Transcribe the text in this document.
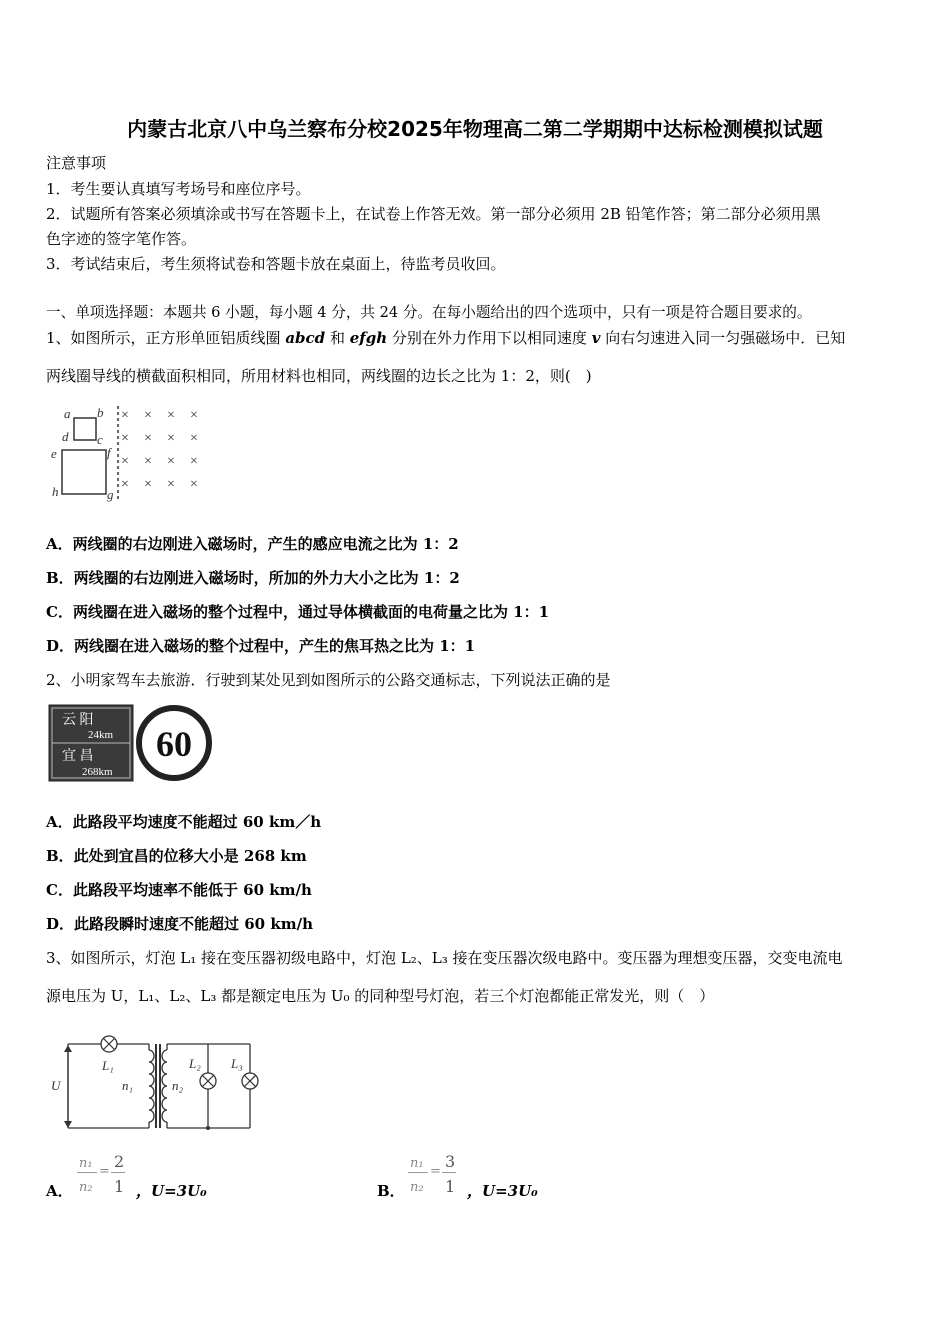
内蒙古北京八中乌兰察布分校2025年物理高二第二学期期中达标检测模拟试题
注意事项
1．考生要认真填写考场号和座位序号。
2．试题所有答案必须填涂或书写在答题卡上，在试卷上作答无效。第一部分必须用 2B 铅笔作答；第二部分必须用黑
色字迹的签字笔作答。
3．考试结束后，考生须将试卷和答题卡放在桌面上，待监考员收回。
一、单项选择题：本题共 6 小题，每小题 4 分，共 24 分。在每小题给出的四个选项中，只有一项是符合题目要求的。
1、如图所示，正方形单匝铝质线圈 abcd 和 efgh 分别在外力作用下以相同速度 v 向右匀速进入同一匀强磁场中．已知
两线圈导线的横截面积相同，所用材料也相同，两线圈的边长之比为 1：2，则(　)
a b
c
d
e	f
g
h
× × × ×
× × × ×
× × × ×
× × × ×
A．两线圈的右边刚进入磁场时，产生的感应电流之比为 1：2
B．两线圈的右边刚进入磁场时，所加的外力大小之比为 1：2
C．两线圈在进入磁场的整个过程中，通过导体横截面的电荷量之比为 1：1
D．两线圈在进入磁场的整个过程中，产生的焦耳热之比为 1：1
2、小明家驾车去旅游．行驶到某处见到如图所示的公路交通标志，下列说法正确的是
云 阳
24km
宜 昌
268km
60
A．此路段平均速度不能超过 60 km／h
B．此处到宜昌的位移大小是 268 km
C．此路段平均速率不能低于 60 km/h
D．此路段瞬时速度不能超过 60 km/h
3、如图所示，灯泡 L₁ 接在变压器初级电路中，灯泡 L₂、L₃ 接在变压器次级电路中。变压器为理想变压器，交变电流电
源电压为 U，L₁、L₂、L₃ 都是额定电压为 U₀ 的同种型号灯泡，若三个灯泡都能正常发光，则（　）
U
L₁
n₁	n₂
L₂ L₃
A．
n₁
n₂
=
2
1 ，U=3U₀	B．
n₁
n₂
=
3
1 ，U=3U₀
